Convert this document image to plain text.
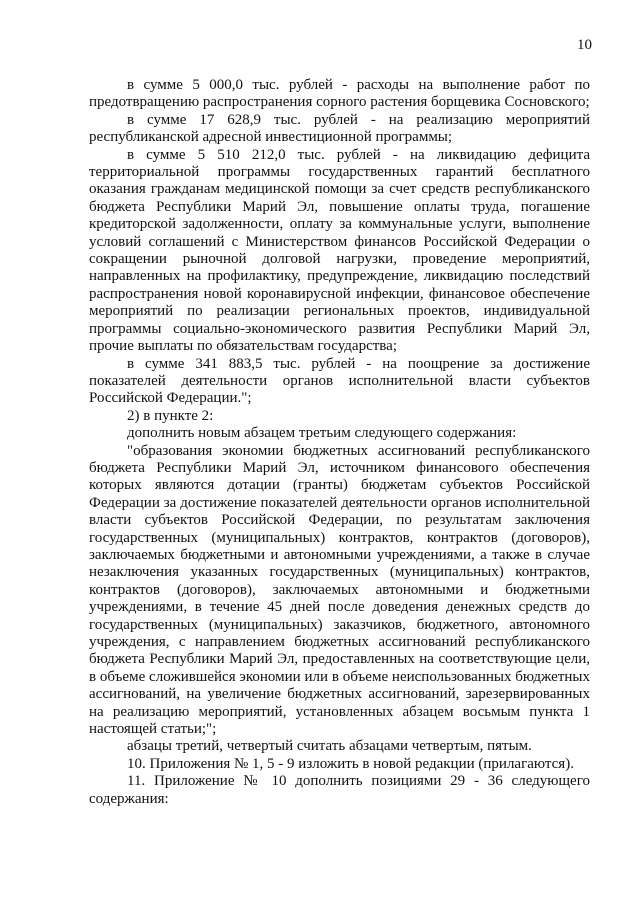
10

в сумме 5 000,0 тыс. рублей - расходы на выполнение работ по предотвращению распространения сорного растения борщевика Сосновского;

в сумме 17 628,9 тыс. рублей - на реализацию мероприятий республиканской адресной инвестиционной программы;

в сумме 5 510 212,0 тыс. рублей - на ликвидацию дефицита территориальной программы государственных гарантий бесплатного оказания гражданам медицинской помощи за счет средств республиканского бюджета Республики Марий Эл, повышение оплаты труда, погашение кредиторской задолженности, оплату за коммунальные услуги, выполнение условий соглашений с Министерством финансов Российской Федерации о сокращении рыночной долговой нагрузки, проведение мероприятий, направленных на профилактику, предупреждение, ликвидацию последствий распространения новой коронавирусной инфекции, финансовое обеспечение мероприятий по реализации региональных проектов, индивидуальной программы социально-экономического развития Республики Марий Эл, прочие выплаты по обязательствам государства;

в сумме 341 883,5 тыс. рублей - на поощрение за достижение показателей деятельности органов исполнительной власти субъектов Российской Федерации.";

2) в пункте 2:

дополнить новым абзацем третьим следующего содержания:

"образования экономии бюджетных ассигнований республиканского бюджета Республики Марий Эл, источником финансового обеспечения которых являются дотации (гранты) бюджетам субъектов Российской Федерации за достижение показателей деятельности органов исполнительной власти субъектов Российской Федерации, по результатам заключения государственных (муниципальных) контрактов, контрактов (договоров), заключаемых бюджетными и автономными учреждениями, а также в случае незаключения указанных государственных (муниципальных) контрактов, контрактов (договоров), заключаемых автономными и бюджетными учреждениями, в течение 45 дней после доведения денежных средств до государственных (муниципальных) заказчиков, бюджетного, автономного учреждения, с направлением бюджетных ассигнований республиканского бюджета Республики Марий Эл, предоставленных на соответствующие цели, в объеме сложившейся экономии или в объеме неиспользованных бюджетных ассигнований, на увеличение бюджетных ассигнований, зарезервированных на реализацию мероприятий, установленных абзацем восьмым пункта 1 настоящей статьи;";

абзацы третий, четвертый считать абзацами четвертым, пятым.

10. Приложения № 1, 5 - 9 изложить в новой редакции (прилагаются).

11. Приложение № 10 дополнить позициями 29 - 36 следующего содержания:
